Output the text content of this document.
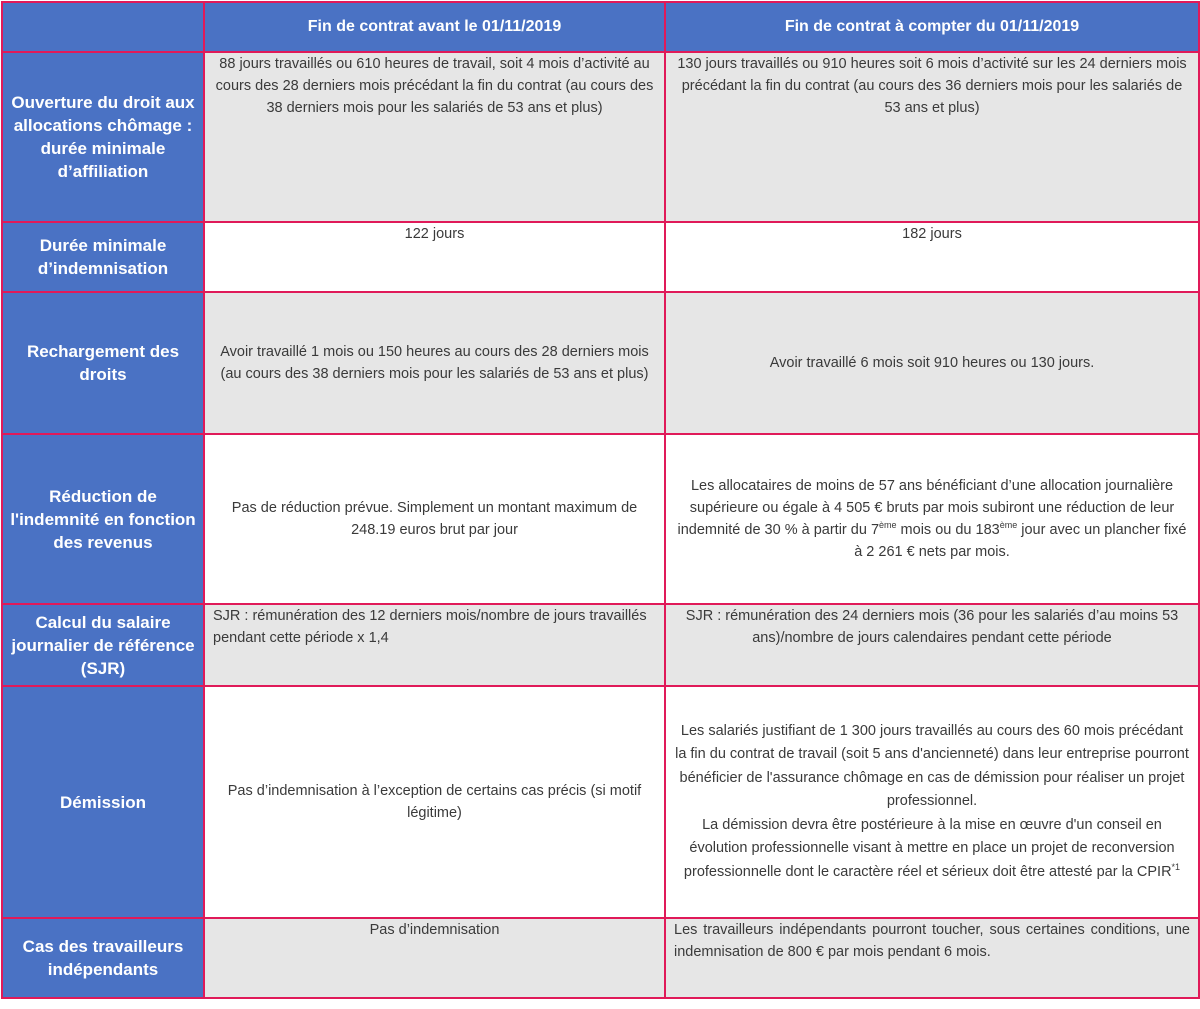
	Fin de contrat avant le 01/11/2019	Fin de contrat à compter du 01/11/2019
Ouverture du droit aux allocations chômage : durée minimale d’affiliation	88 jours travaillés ou 610 heures de travail, soit 4 mois d’activité au cours des 28 derniers mois précédant la fin du contrat (au cours des 38 derniers mois pour les salariés de 53 ans et plus)	130 jours travaillés ou 910 heures soit 6 mois d’activité sur les 24 derniers mois précédant la fin du contrat (au cours des 36 derniers mois pour les salariés de 53 ans et plus)
Durée minimale d’indemnisation	122 jours	182 jours
Rechargement des droits	Avoir travaillé 1 mois ou 150 heures au cours des 28 derniers mois (au cours des 38 derniers mois pour les salariés de 53 ans et plus)	Avoir travaillé 6 mois soit 910 heures ou 130 jours.
Réduction de l'indemnité en fonction des revenus	Pas de réduction prévue. Simplement un montant maximum de 248.19 euros brut par jour	Les allocataires de moins de 57 ans bénéficiant d’une allocation journalière supérieure ou égale à 4 505 € bruts par mois subiront une réduction de leur indemnité de 30 % à partir du 7ème mois ou du 183ème jour avec un plancher fixé à 2 261 € nets par mois.
Calcul du salaire journalier de référence (SJR)	SJR : rémunération des 12 derniers mois/nombre de jours travaillés pendant cette période x 1,4	SJR : rémunération des 24 derniers mois (36 pour les salariés d’au moins 53 ans)/nombre de jours calendaires pendant cette période
Démission	Pas d’indemnisation à l’exception de certains cas précis (si motif légitime)	Les salariés justifiant de 1 300 jours travaillés au cours des 60 mois précédant la fin du contrat de travail (soit 5 ans d'ancienneté) dans leur entreprise pourront bénéficier de l'assurance chômage en cas de démission pour réaliser un projet professionnel.
La démission devra être postérieure à la mise en œuvre d'un conseil en évolution professionnelle visant à mettre en place un projet de reconversion professionnelle dont le caractère réel et sérieux doit être attesté par la CPIR$^{*1}$
Cas des travailleurs indépendants	Pas d’indemnisation	Les travailleurs indépendants pourront toucher, sous certaines conditions, une indemnisation de 800 € par mois pendant 6 mois.
